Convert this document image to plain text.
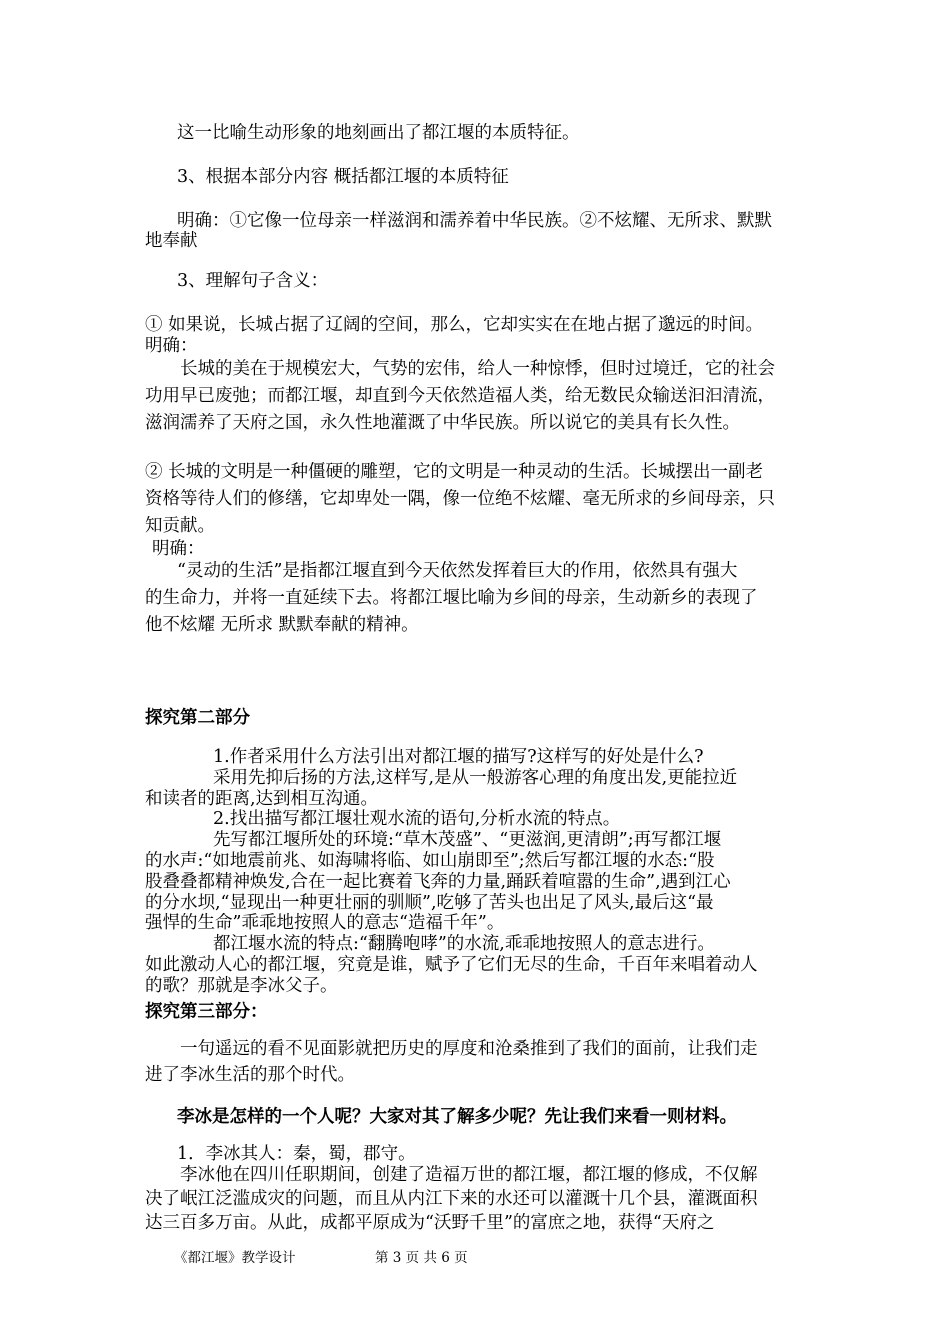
这一比喻生动形象的地刻画出了都江堰的本质特征。
3、根据本部分内容 概括都江堰的本质特征
明确：①它像一位母亲一样滋润和濡养着中华民族。②不炫耀、无所求、默默
地奉献
3、理解句子含义：
① 如果说，长城占据了辽阔的空间，那么，它却实实在在地占据了邈远的时间。
明确：
长城的美在于规模宏大，气势的宏伟，给人一种惊悸，但时过境迁，它的社会
功用早已废弛；而都江堰，却直到今天依然造福人类，给无数民众输送汩汩清流，
滋润濡养了天府之国，永久性地灌溉了中华民族。所以说它的美具有长久性。
② 长城的文明是一种僵硬的雕塑，它的文明是一种灵动的生活。长城摆出一副老
资格等待人们的修缮，它却卑处一隅，像一位绝不炫耀、毫无所求的乡间母亲，只
知贡献。
明确：
“灵动的生活”是指都江堰直到今天依然发挥着巨大的作用，依然具有强大
的生命力，并将一直延续下去。将都江堰比喻为乡间的母亲，生动新乡的表现了
他不炫耀 无所求 默默奉献的精神。
探究第二部分
1.作者采用什么方法引出对都江堰的描写?这样写的好处是什么?
采用先抑后扬的方法,这样写,是从一般游客心理的角度出发,更能拉近
和读者的距离,达到相互沟通。
2.找出描写都江堰壮观水流的语句,分析水流的特点。
先写都江堰所处的环境:“草木茂盛”、“更滋润,更清朗”;再写都江堰
的水声:“如地震前兆、如海啸将临、如山崩即至”;然后写都江堰的水态:“股
股叠叠都精神焕发,合在一起比赛着飞奔的力量,踊跃着喧嚣的生命”,遇到江心
的分水坝,“显现出一种更壮丽的驯顺”,吃够了苦头也出足了风头,最后这“最
强悍的生命”乖乖地按照人的意志“造福千年”。
都江堰水流的特点:“翻腾咆哮”的水流,乖乖地按照人的意志进行。
如此激动人心的都江堰，究竟是谁，赋予了它们无尽的生命，千百年来唱着动人
的歌？那就是李冰父子。
探究第三部分：
一句遥远的看不见面影就把历史的厚度和沧桑推到了我们的面前，让我们走
进了李冰生活的那个时代。
李冰是怎样的一个人呢？大家对其了解多少呢？先让我们来看一则材料。
1．李冰其人：秦，蜀，郡守。
李冰他在四川任职期间，创建了造福万世的都江堰，都江堰的修成，不仅解
决了岷江泛滥成灾的问题，而且从内江下来的水还可以灌溉十几个县，灌溉面积
达三百多万亩。从此，成都平原成为“沃野千里”的富庶之地，获得“天府之
《都江堰》教学设计	第 3 页 共 6 页
